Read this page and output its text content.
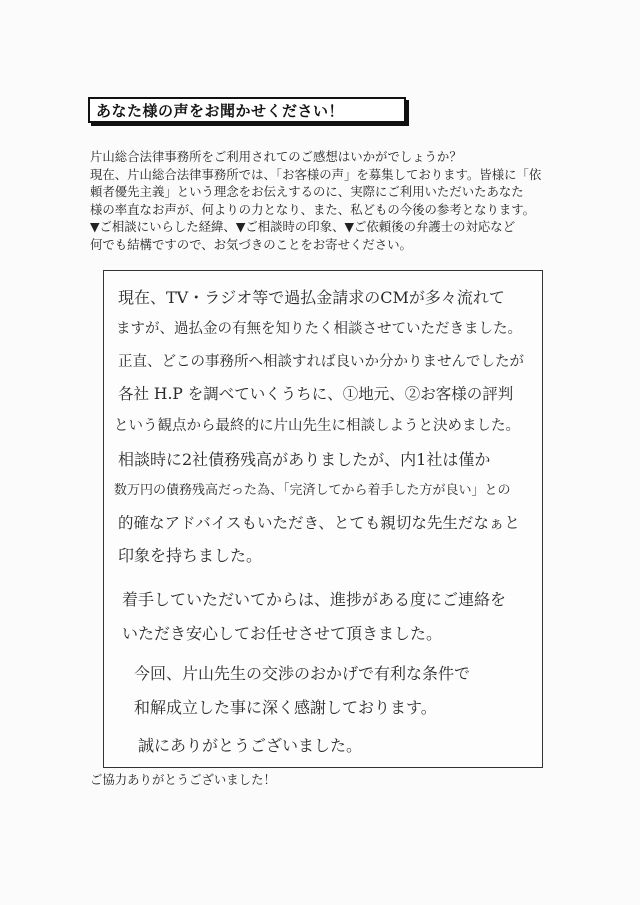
あなた様の声をお聞かせください！
片山総合法律事務所をご利用されてのご感想はいかがでしょうか？
現在、片山総合法律事務所では、「お客様の声」を募集しております。皆様に「依
頼者優先主義」という理念をお伝えするのに、実際にご利用いただいたあなた
様の率直なお声が、何よりの力となり、また、私どもの今後の参考となります。
▼ご相談にいらした経緯、▼ご相談時の印象、▼ご依頼後の弁護士の対応など
何でも結構ですので、お気づきのことをお寄せください。
現在、TV・ラジオ等で過払金請求のCMが多々流れて
ますが、過払金の有無を知りたく相談させていただきました。
正直、どこの事務所へ相談すれば良いか分かりませんでしたが
各社 H.P を調べていくうちに、①地元、②お客様の評判
という観点から最終的に片山先生に相談しようと決めました。
相談時に2社債務残高がありましたが、内1社は僅か
数万円の債務残高だった為、「完済してから着手した方が良い」との
的確なアドバイスもいただき、とても親切な先生だなぁと
印象を持ちました。
着手していただいてからは、進捗がある度にご連絡を
いただき安心してお任せさせて頂きました。
今回、片山先生の交渉のおかげで有利な条件で
和解成立した事に深く感謝しております。
誠にありがとうございました。
ご協力ありがとうございました！
